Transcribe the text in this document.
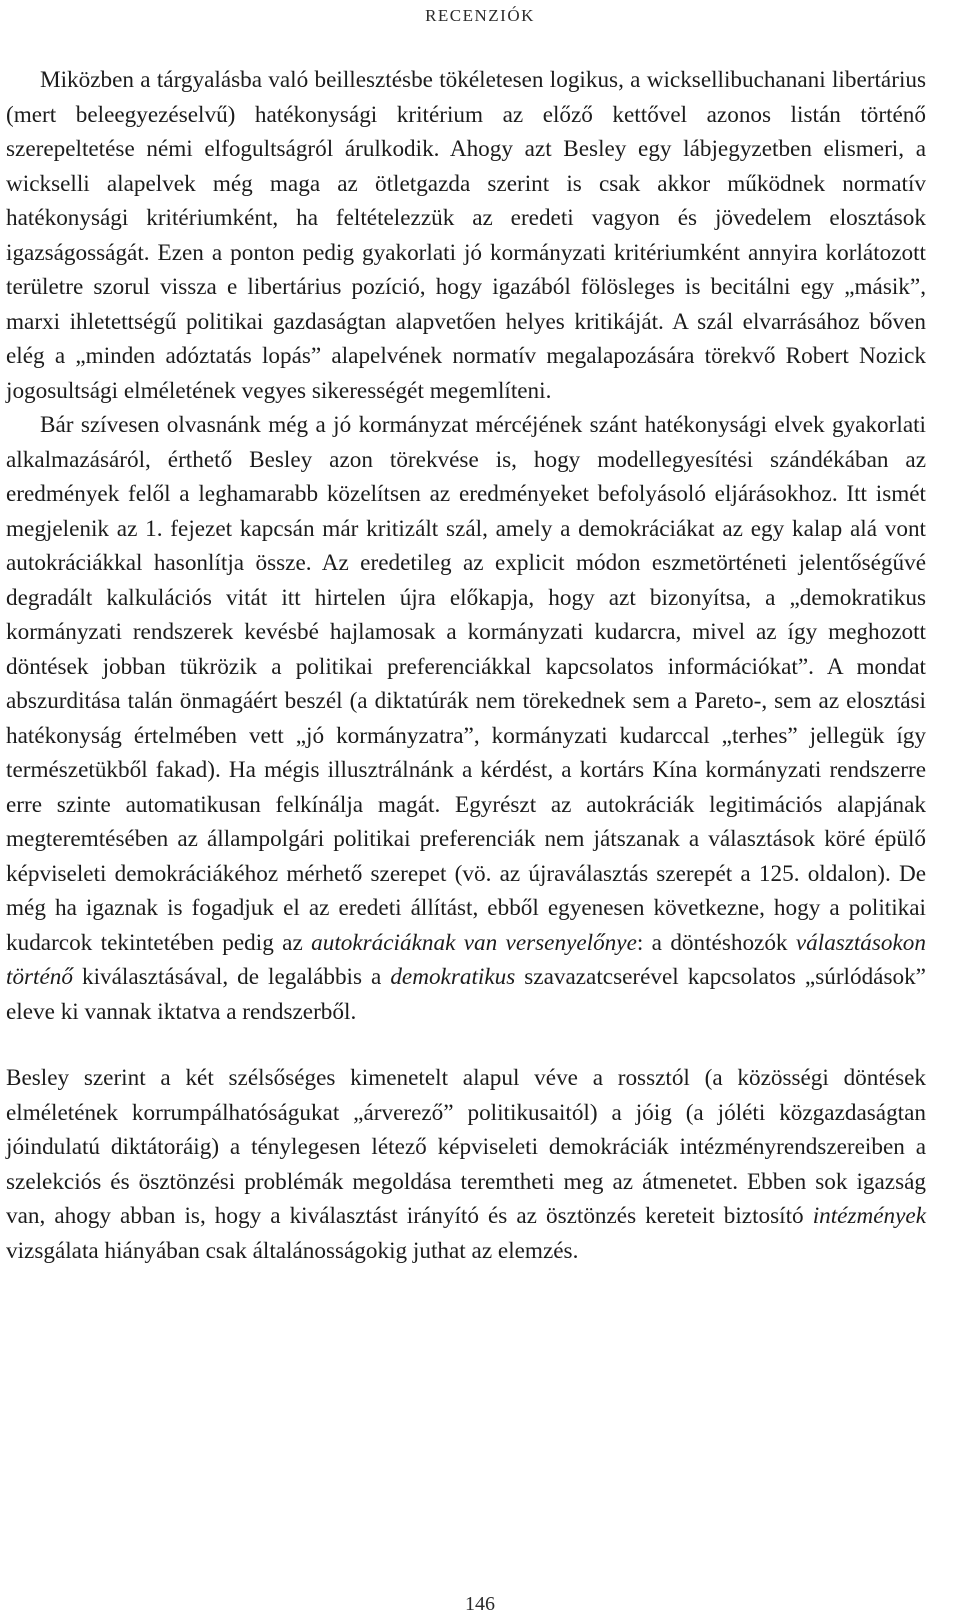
RECENZIÓK

Miközben a tárgyalásba való beillesztésbe tökéletesen logikus, a wicksellibuchanani libertárius (mert beleegyezéselvű) hatékonysági kritérium az előző kettővel azonos listán történő szerepeltetése némi elfogultságról árulkodik. Ahogy azt Besley egy lábjegyzetben elismeri, a wickselli alapelvek még maga az ötletgazda szerint is csak akkor működnek normatív hatékonysági kritériumként, ha feltételezzük az eredeti vagyon és jövedelem elosztások igazságosságát. Ezen a ponton pedig gyakorlati jó kormányzati kritériumként annyira korlátozott területre szorul vissza e libertárius pozíció, hogy igazából fölösleges is becitálni egy „másik”, marxi ihletettségű politikai gazdaságtan alapvetően helyes kritikáját. A szál elvarrásához bőven elég a „minden adóztatás lopás” alapelvének normatív megalapozására törekvő Robert Nozick jogosultsági elméletének vegyes sikerességét megemlíteni.

Bár szívesen olvasnánk még a jó kormányzat mércéjének szánt hatékonysági elvek gyakorlati alkalmazásáról, érthető Besley azon törekvése is, hogy modellegyesítési szándékában az eredmények felől a leghamarabb közelítsen az eredményeket befolyásoló eljárásokhoz. Itt ismét megjelenik az 1. fejezet kapcsán már kritizált szál, amely a demokráciákat az egy kalap alá vont autokráciákkal hasonlítja össze. Az eredetileg az explicit módon eszmetörténeti jelentőségűvé degradált kalkulációs vitát itt hirtelen újra előkapja, hogy azt bizonyítsa, a „demokratikus kormányzati rendszerek kevésbé hajlamosak a kormányzati kudarcra, mivel az így meghozott döntések jobban tükrözik a politikai preferenciákkal kapcsolatos információkat”. A mondat abszurditása talán önmagáért beszél (a diktatúrák nem törekednek sem a Pareto-, sem az elosztási hatékonyság értelmében vett „jó kormányzatra”, kormányzati kudarccal „terhes” jellegük így természetükből fakad). Ha mégis illusztrálnánk a kérdést, a kortárs Kína kormányzati rendszerre erre szinte automatikusan felkínálja magát. Egyrészt az autokráciák legitimációs alapjának megteremtésében az állampolgári politikai preferenciák nem játszanak a választások köré épülő képviseleti demokráciákéhoz mérhető szerepet (vö. az újraválasztás szerepét a 125. oldalon). De még ha igaznak is fogadjuk el az eredeti állítást, ebből egyenesen következne, hogy a politikai kudarcok tekintetében pedig az autokráciáknak van versenyelőnye: a döntéshozók választásokon történő kiválasztásával, de legalábbis a demokratikus szavazatcserével kapcsolatos „súrlódások” eleve ki vannak iktatva a rendszerből.

Besley szerint a két szélsőséges kimenetelt alapul véve a rossztól (a közösségi döntések elméletének korrumpálhatóságukat „árverező” politikusaitól) a jóig (a jóléti közgazdaságtan jóindulatú diktátoráig) a ténylegesen létező képviseleti demokráciák intézményrendszereiben a szelekciós és ösztönzési problémák megoldása teremtheti meg az átmenetet. Ebben sok igazság van, ahogy abban is, hogy a kiválasztást irányító és az ösztönzés kereteit biztosító intézmények vizsgálata hiányában csak általánosságokig juthat az elemzés.

146
